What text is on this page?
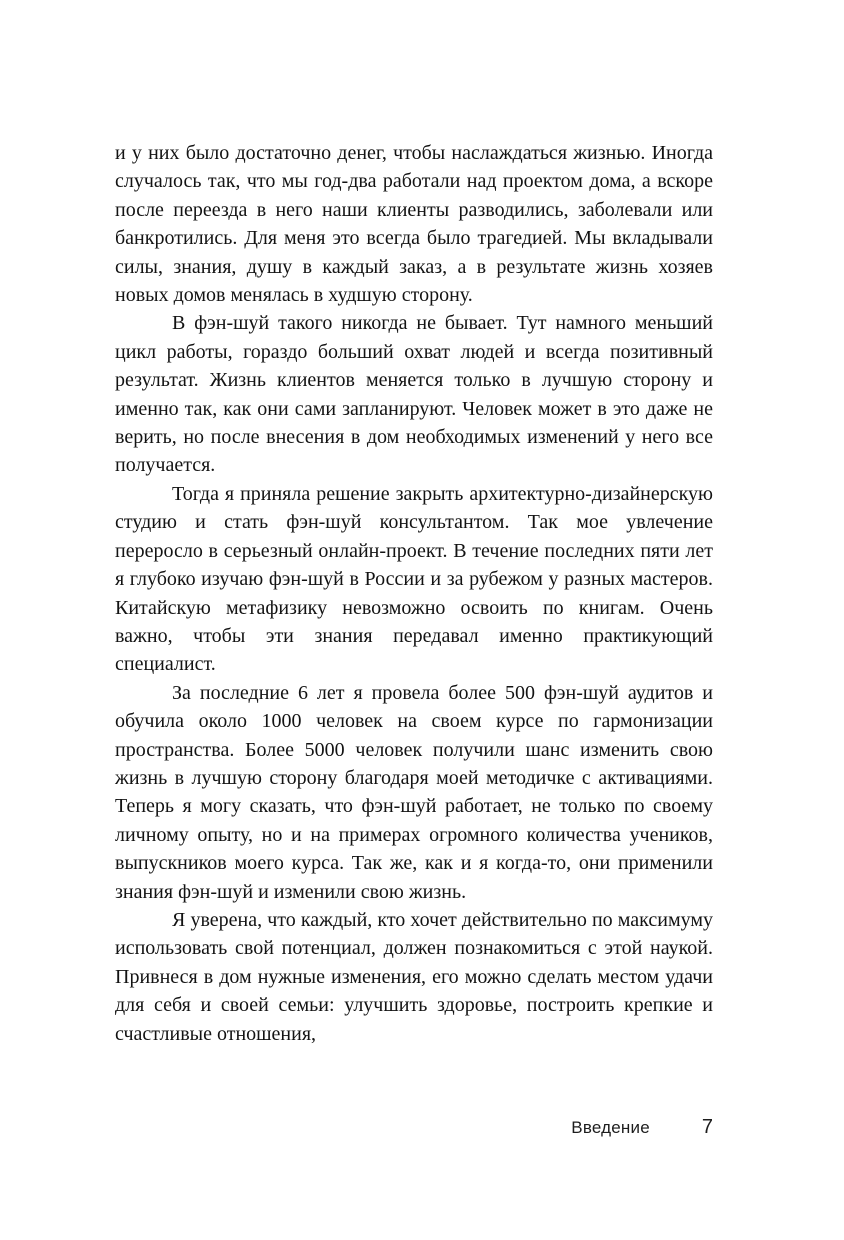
и у них было достаточно денег, чтобы наслаждаться жизнью. Иногда случалось так, что мы год-два работали над проектом дома, а вскоре после переезда в него наши клиенты разводились, заболевали или банкротились. Для меня это всегда было трагедией. Мы вкладывали силы, знания, душу в каждый заказ, а в результате жизнь хозяев новых домов менялась в худшую сторону.

В фэн-шуй такого никогда не бывает. Тут намного меньший цикл работы, гораздо больший охват людей и всегда позитивный результат. Жизнь клиентов меняется только в лучшую сторону и именно так, как они сами запланируют. Человек может в это даже не верить, но после внесения в дом необходимых изменений у него все получается.

Тогда я приняла решение закрыть архитектурно-дизайнерскую студию и стать фэн-шуй консультантом. Так мое увлечение переросло в серьезный онлайн-проект. В течение последних пяти лет я глубоко изучаю фэн-шуй в России и за рубежом у разных мастеров. Китайскую метафизику невозможно освоить по книгам. Очень важно, чтобы эти знания передавал именно практикующий специалист.

За последние 6 лет я провела более 500 фэн-шуй аудитов и обучила около 1000 человек на своем курсе по гармонизации пространства. Более 5000 человек получили шанс изменить свою жизнь в лучшую сторону благодаря моей методичке с активациями. Теперь я могу сказать, что фэн-шуй работает, не только по своему личному опыту, но и на примерах огромного количества учеников, выпускников моего курса. Так же, как и я когда-то, они применили знания фэн-шуй и изменили свою жизнь.

Я уверена, что каждый, кто хочет действительно по максимуму использовать свой потенциал, должен познакомиться с этой наукой. Привнеся в дом нужные изменения, его можно сделать местом удачи для себя и своей семьи: улучшить здоровье, построить крепкие и счастливые отношения,

Введение	7
